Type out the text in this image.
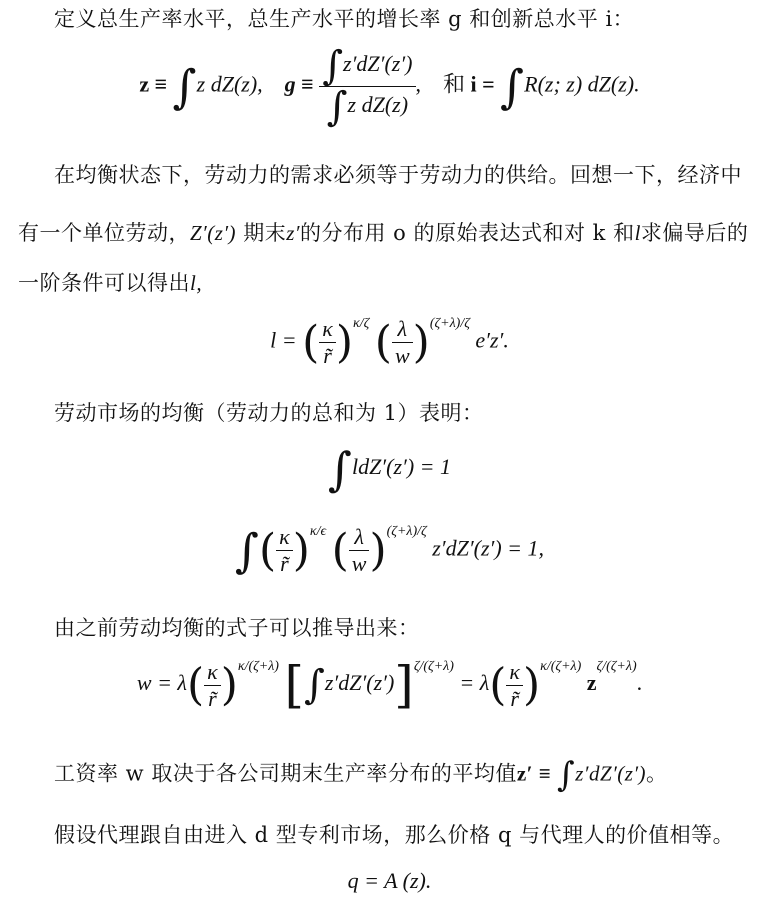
定义总生产率水平，总生产水平的增长率 g 和创新总水平 i：
z ≡ ∫z dZ(z), $g \equiv \frac{\int z'dZ'(z')}{\text{∫z dZ(z)}}$ ,    和 i = ∫R(z; z) dZ(z).
在均衡状态下，劳动力的需求必须等于劳动力的供给。回想一下，经济中
有一个单位劳动，Z′(z′) 期末z′的分布用 o 的原始表达式和对 k 和l求偏导后的
一阶条件可以得出l,
l = ( $\frac{\kappa}{r̃} )^{\kappa/\zeta}$ ( $\frac{\lambda}{w} )^{(\zeta+\lambda)/\zeta}$ e′z′.
劳动市场的均衡（劳动力的总和为 1）表明：
∫ldZ′(z′) = 1
∫( $\frac{\kappa}{r̃} )^{\kappa/\epsilon}$ ( $\frac{\lambda}{w} )^{(\zeta+\lambda)/\zeta}$ z′dZ′(z′) = 1,
由之前劳动均衡的式子可以推导出来：
$w = \lambda( \frac{\kappa}{r̃} )^{\kappa/(\zeta+\lambda)}$ $[\int z'dZ'(z')]^{\zeta/(\zeta+\lambda)} = \lambda( \frac{\kappa}{r̃} )^{\kappa/(\zeta+\lambda)}$ $z^{\zeta/(\zeta+\lambda)}$.
工资率 w 取决于各公司期末生产率分布的平均值z′ ≡ ∫z′dZ′(z′)。
假设代理跟自由进入 d 型专利市场，那么价格 q 与代理人的价值相等。
q = A (z).
